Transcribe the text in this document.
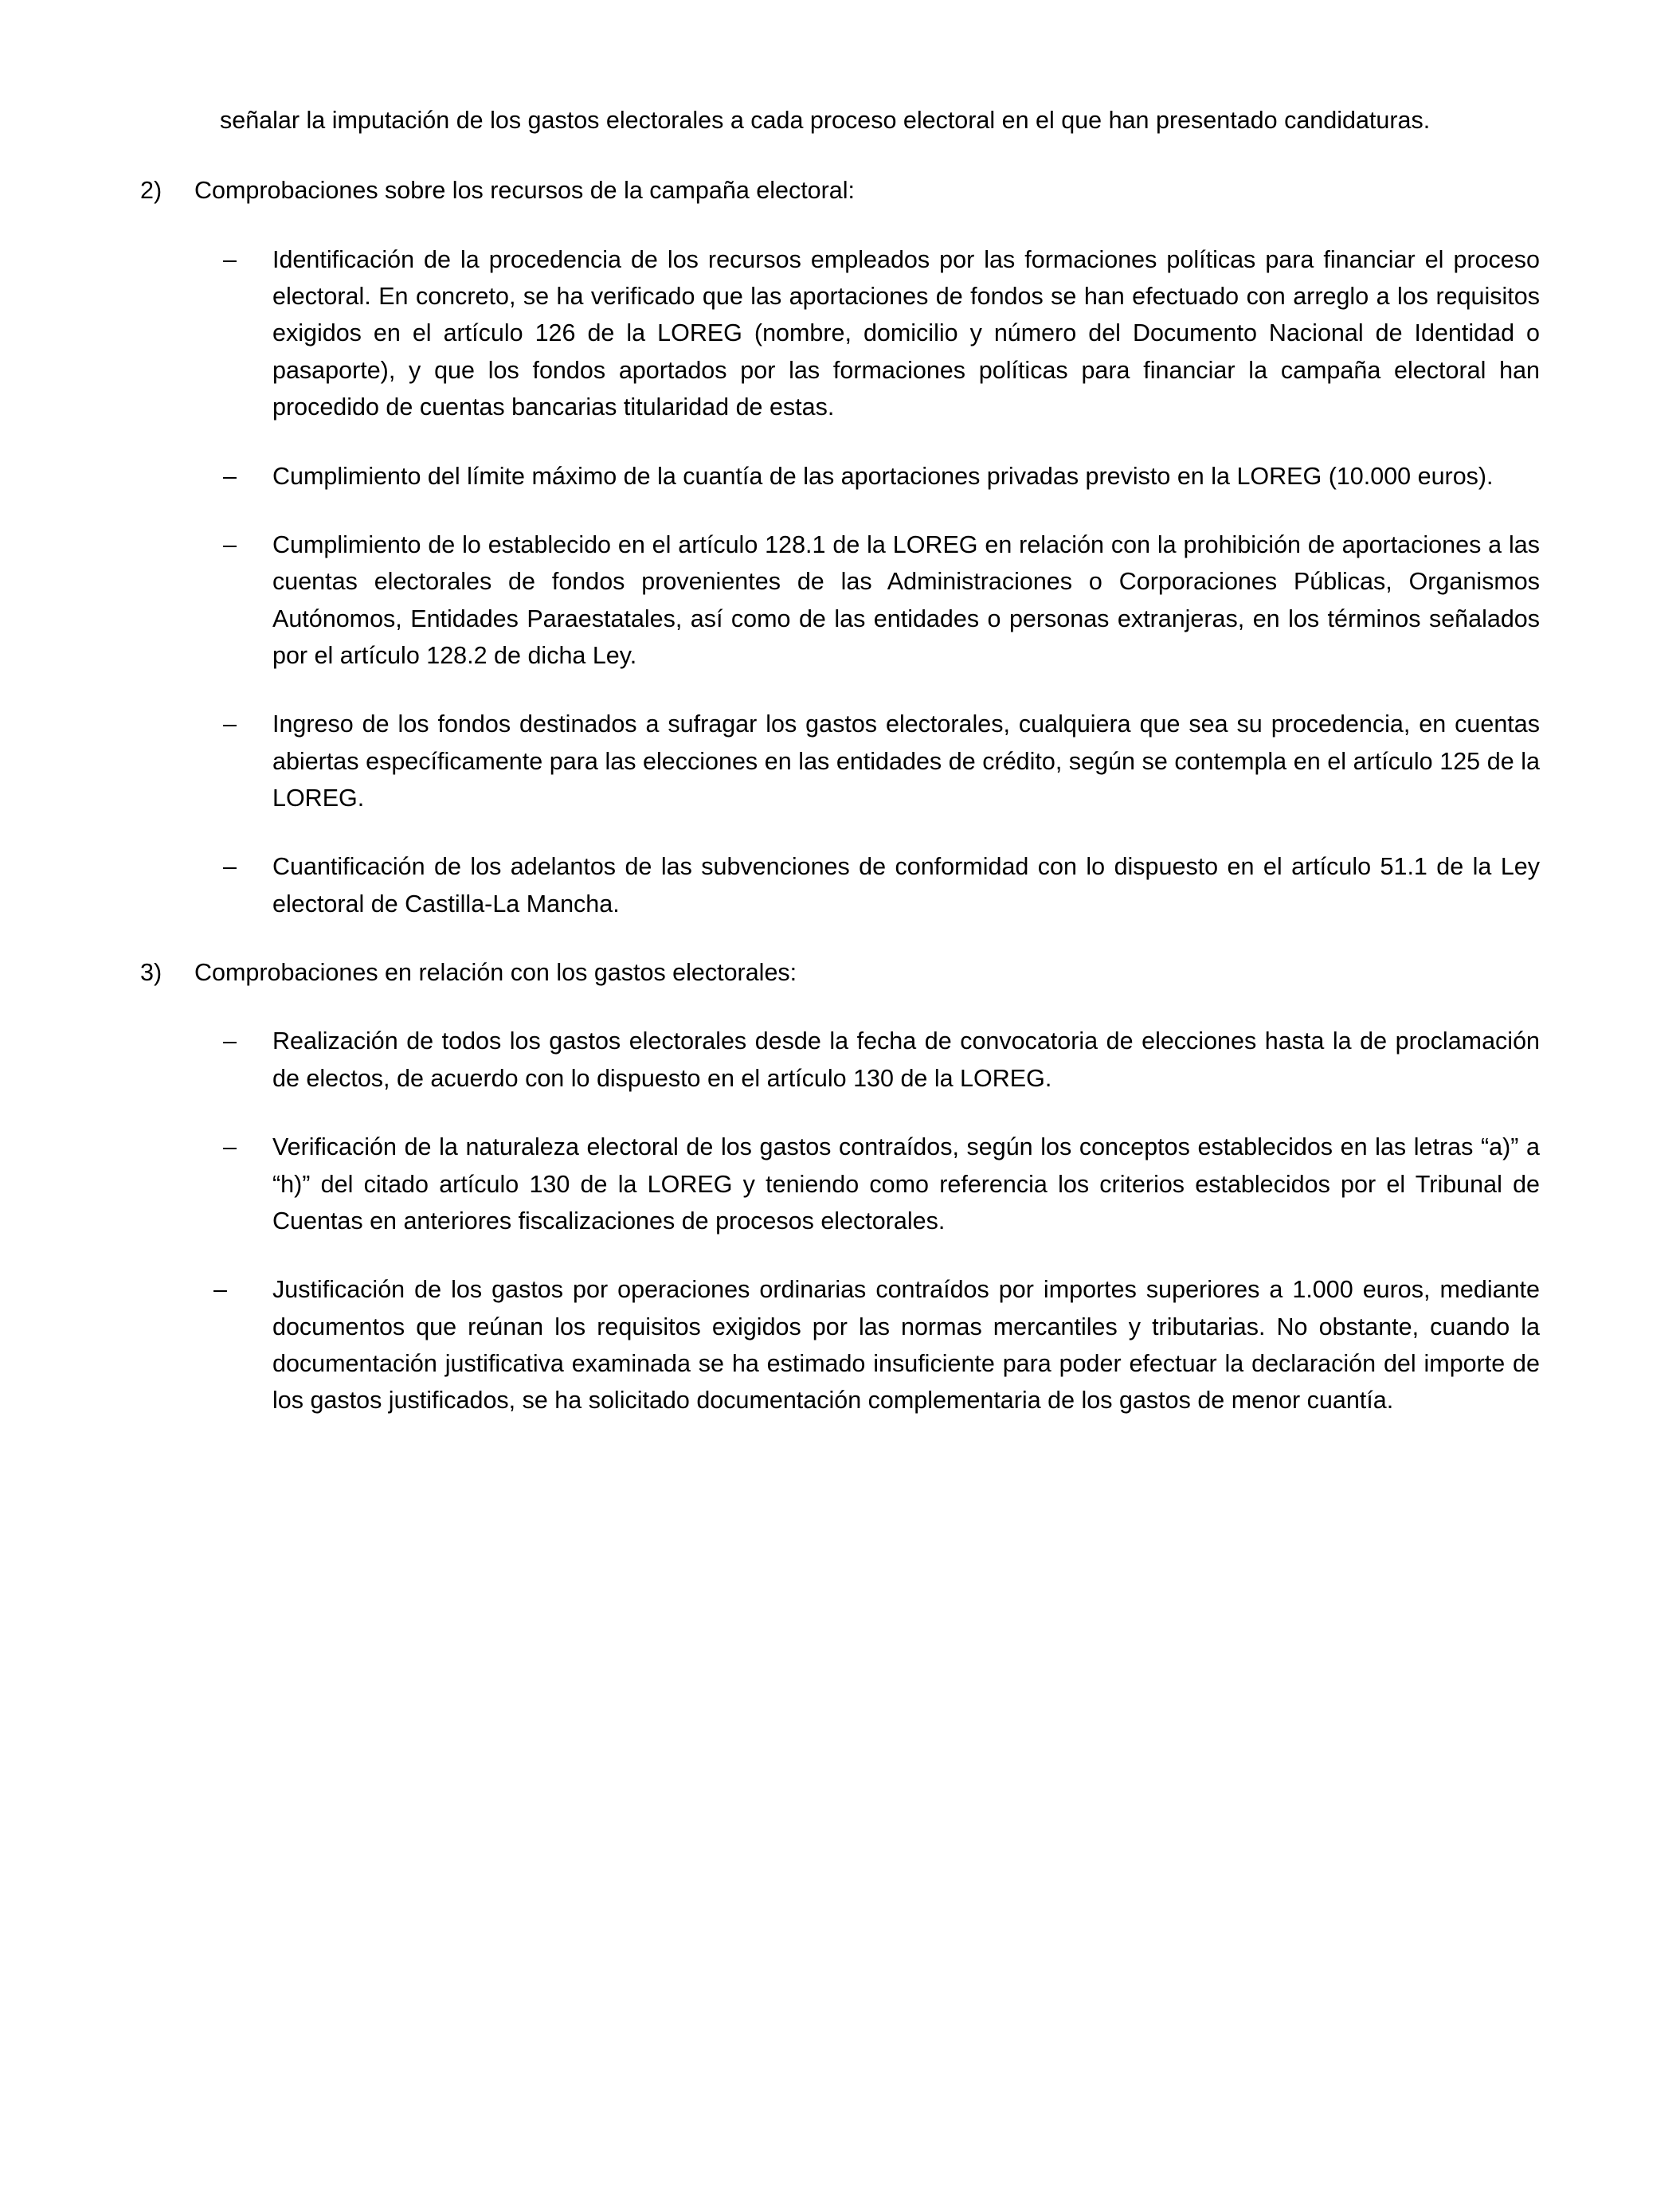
señalar la imputación de los gastos electorales a cada proceso electoral en el que han presentado candidaturas.

2)	Comprobaciones sobre los recursos de la campaña electoral:
–	Identificación de la procedencia de los recursos empleados por las formaciones políticas para financiar el proceso electoral. En concreto, se ha verificado que las aportaciones de fondos se han efectuado con arreglo a los requisitos exigidos en el artículo 126 de la LOREG (nombre, domicilio y número del Documento Nacional de Identidad o pasaporte), y que los fondos aportados por las formaciones políticas para financiar la campaña electoral han procedido de cuentas bancarias titularidad de estas.
–	Cumplimiento del límite máximo de la cuantía de las aportaciones privadas previsto en la LOREG (10.000 euros).
–	Cumplimiento de lo establecido en el artículo 128.1 de la LOREG en relación con la prohibición de aportaciones a las cuentas electorales de fondos provenientes de las Administraciones o Corporaciones Públicas, Organismos Autónomos, Entidades Paraestatales, así como de las entidades o personas extranjeras, en los términos señalados por el artículo 128.2 de dicha Ley.
–	Ingreso de los fondos destinados a sufragar los gastos electorales, cualquiera que sea su procedencia, en cuentas abiertas específicamente para las elecciones en las entidades de crédito, según se contempla en el artículo 125 de la LOREG.
–	Cuantificación de los adelantos de las subvenciones de conformidad con lo dispuesto en el artículo 51.1 de la Ley electoral de Castilla-La Mancha.
3)	Comprobaciones en relación con los gastos electorales:
–	Realización de todos los gastos electorales desde la fecha de convocatoria de elecciones hasta la de proclamación de electos, de acuerdo con lo dispuesto en el artículo 130 de la LOREG.
–	Verificación de la naturaleza electoral de los gastos contraídos, según los conceptos establecidos en las letras “a)” a “h)” del citado artículo 130 de la LOREG y teniendo como referencia los criterios establecidos por el Tribunal de Cuentas en anteriores fiscalizaciones de procesos electorales.
–	Justificación de los gastos por operaciones ordinarias contraídos por importes superiores a 1.000 euros, mediante documentos que reúnan los requisitos exigidos por las normas mercantiles y tributarias. No obstante, cuando la documentación justificativa examinada se ha estimado insuficiente para poder efectuar la declaración del importe de los gastos justificados, se ha solicitado documentación complementaria de los gastos de menor cuantía.
